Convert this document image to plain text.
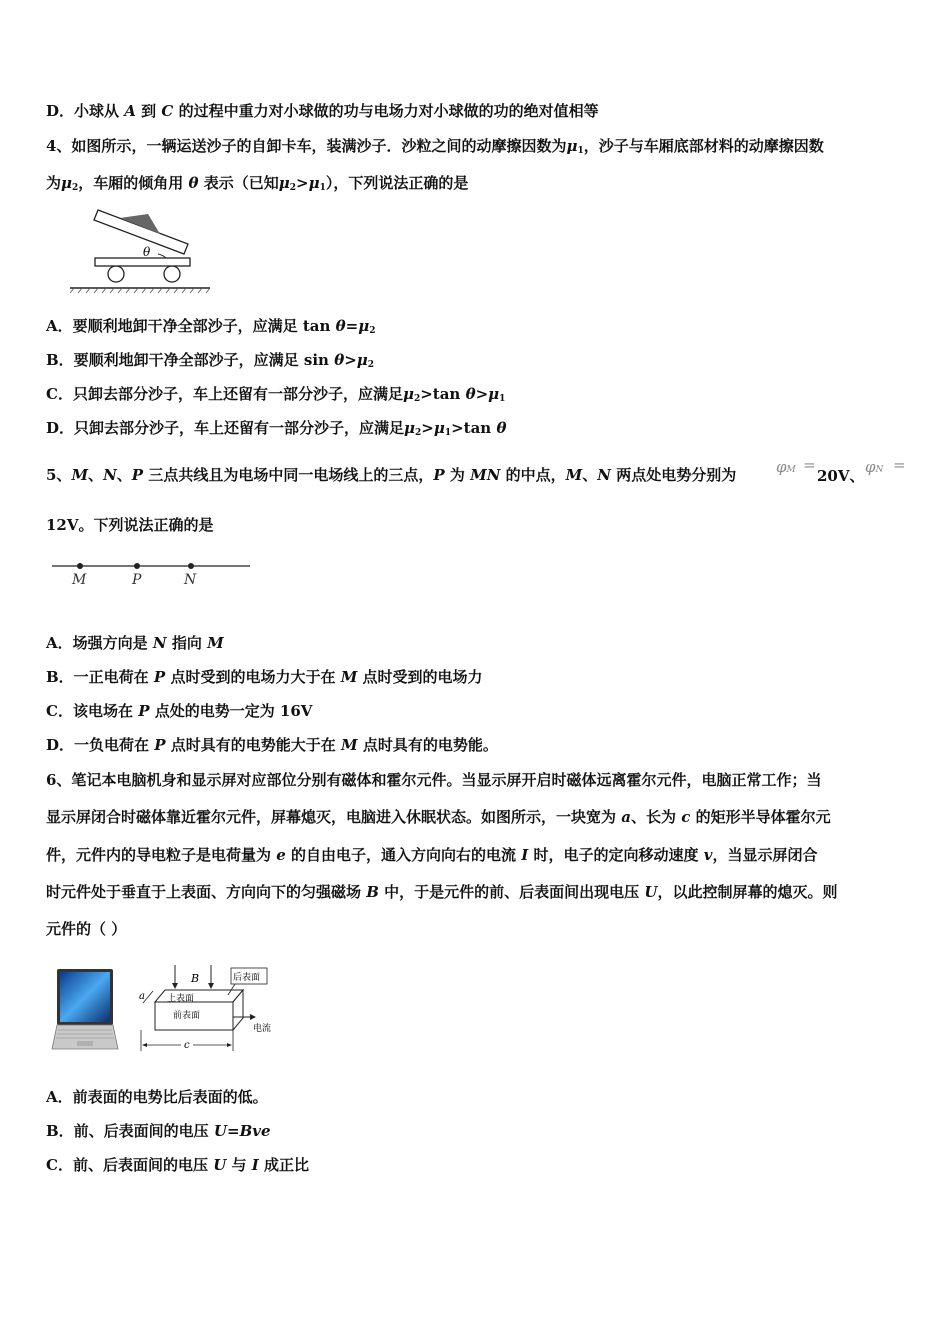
D．小球从 A 到 C 的过程中重力对小球做的功与电场力对小球做的功的绝对值相等
4、如图所示，一辆运送沙子的自卸卡车，装满沙子．沙粒之间的动摩擦因数为$\mu_1$，沙子与车厢底部材料的动摩擦因数
为$\mu_2$，车厢的倾角用 θ 表示（已知$\mu_2>\mu_1$），下列说法正确的是
θ
A．要顺利地卸干净全部沙子，应满足 $\tan \theta=\mu_2$
B．要顺利地卸干净全部沙子，应满足 $\sin \theta>\mu_2$
C．只卸去部分沙子，车上还留有一部分沙子，应满足$\mu_2>\tan$ $\theta>\mu_1$
D．只卸去部分沙子，车上还留有一部分沙子，应满足$\mu_2>\mu_1>\tan$ θ
5、M、N、P 三点共线且为电场中同一电场线上的三点，P 为 MN 的中点，M、N 两点处电势分别为	φM =
20V、 φN =
12V。下列说法正确的是
M	P	N
A．场强方向是 N 指向 M
B．一正电荷在 P 点时受到的电场力大于在 M 点时受到的电场力
C．该电场在 P 点处的电势一定为 16V
D．一负电荷在 P 点时具有的电势能大于在 M 点时具有的电势能。
6、笔记本电脑机身和显示屏对应部位分别有磁体和霍尔元件。当显示屏开启时磁体远离霍尔元件，电脑正常工作；当
显示屏闭合时磁体靠近霍尔元件，屏幕熄灭，电脑进入休眠状态。如图所示，一块宽为 a、长为 c 的矩形半导体霍尔元
件，元件内的导电粒子是电荷量为 e 的自由电子，通入方向向右的电流 I 时，电子的定向移动速度 v，当显示屏闭合
时元件处于垂直于上表面、方向向下的匀强磁场 B 中，于是元件的前、后表面间出现电压 U，以此控制屏幕的熄灭。则
元件的（ ）
B	后表面
上表面
前表面
a
电流
c
A．前表面的电势比后表面的低。
B．前、后表面间的电压 U=Bve
C．前、后表面间的电压 U 与 I 成正比
